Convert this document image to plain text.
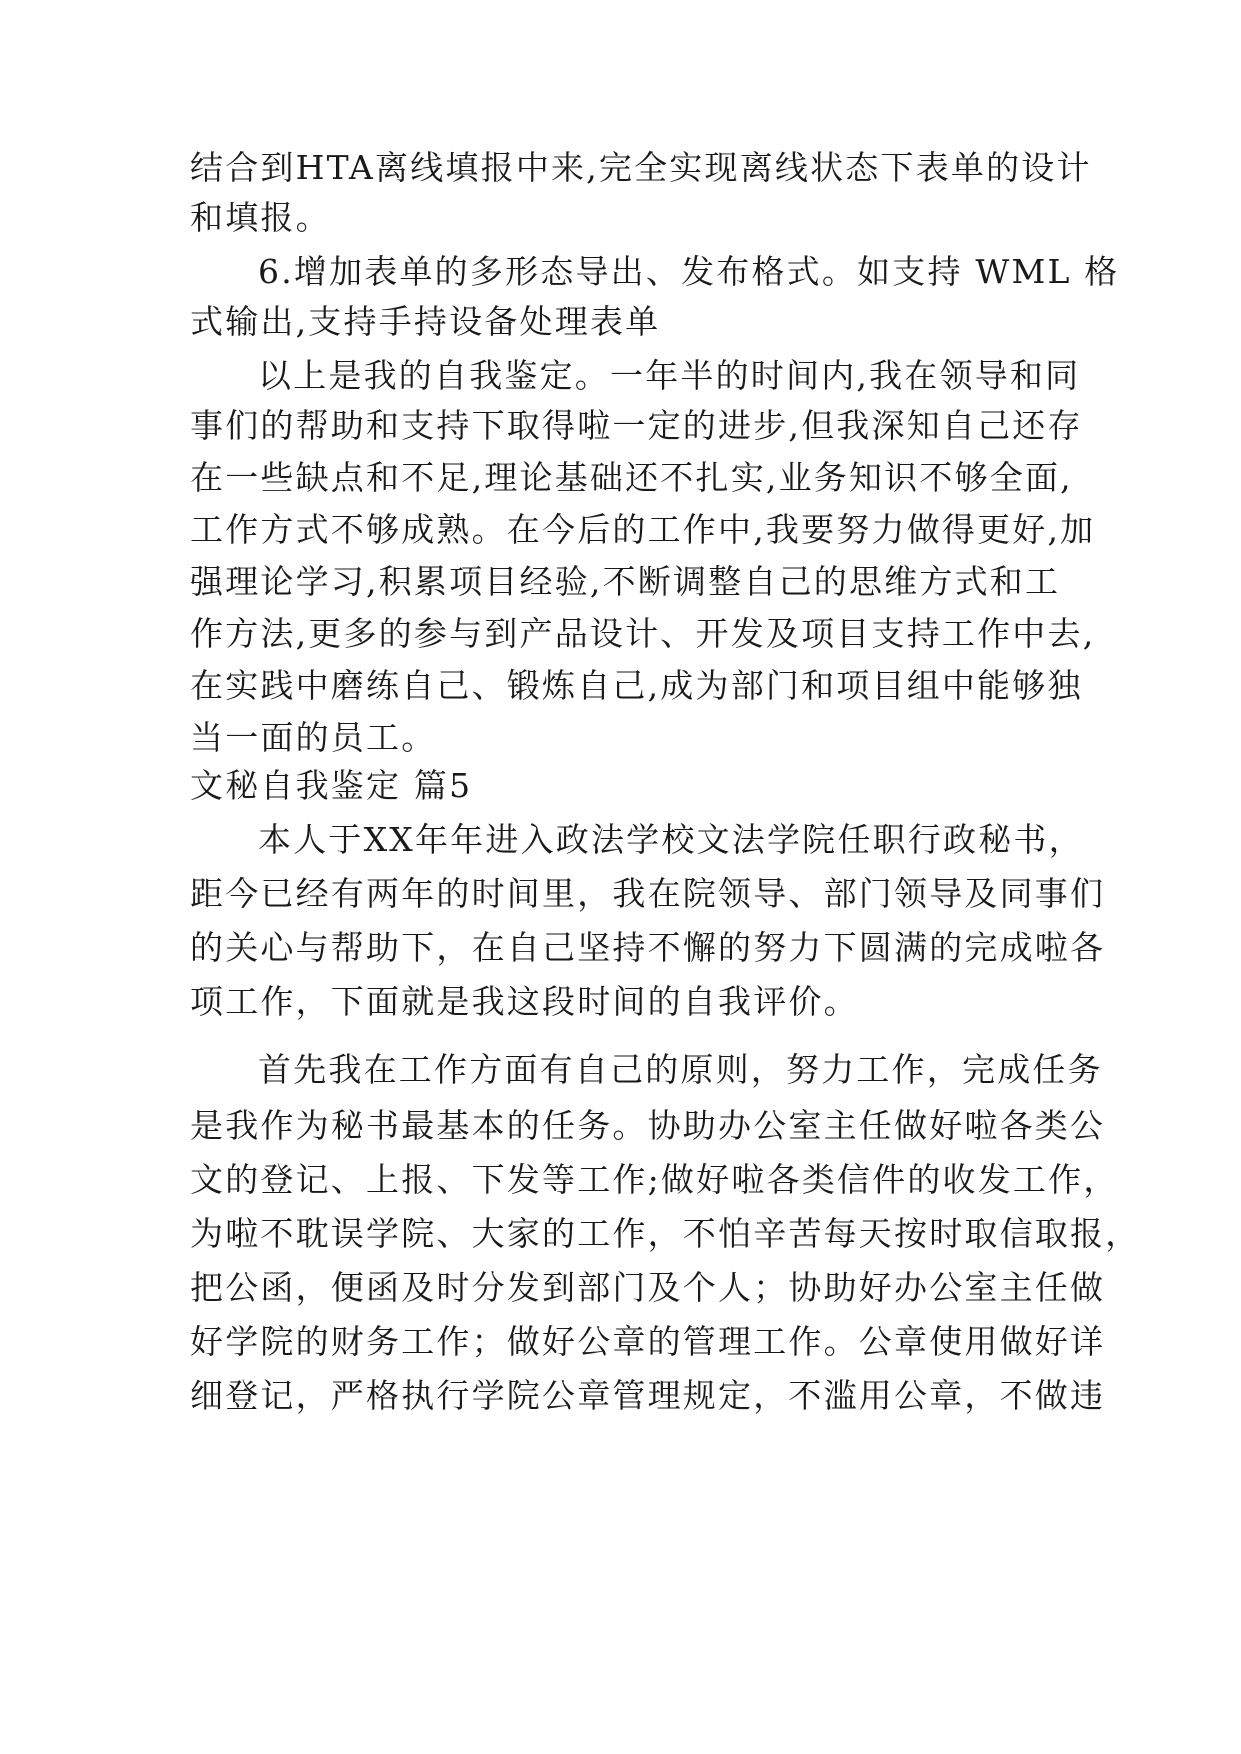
结合到HTA离线填报中来,完全实现离线状态下表单的设计
和填报。
6.增加表单的多形态导出、发布格式。如支持 WML 格
式输出,支持手持设备处理表单
以上是我的自我鉴定。一年半的时间内,我在领导和同
事们的帮助和支持下取得啦一定的进步,但我深知自己还存
在一些缺点和不足,理论基础还不扎实,业务知识不够全面,
工作方式不够成熟。在今后的工作中,我要努力做得更好,加
强理论学习,积累项目经验,不断调整自己的思维方式和工
作方法,更多的参与到产品设计、开发及项目支持工作中去,
在实践中磨练自己、锻炼自己,成为部门和项目组中能够独
当一面的员工。
文秘自我鉴定 篇5
本人于XX年年进入政法学校文法学院任职行政秘书，
距今已经有两年的时间里，我在院领导、部门领导及同事们
的关心与帮助下，在自己坚持不懈的努力下圆满的完成啦各
项工作，下面就是我这段时间的自我评价。
首先我在工作方面有自己的原则，努力工作，完成任务
是我作为秘书最基本的任务。协助办公室主任做好啦各类公
文的登记、上报、下发等工作;做好啦各类信件的收发工作，
为啦不耽误学院、大家的工作，不怕辛苦每天按时取信取报，
把公函，便函及时分发到部门及个人；协助好办公室主任做
好学院的财务工作；做好公章的管理工作。公章使用做好详
细登记，严格执行学院公章管理规定，不滥用公章，不做违
